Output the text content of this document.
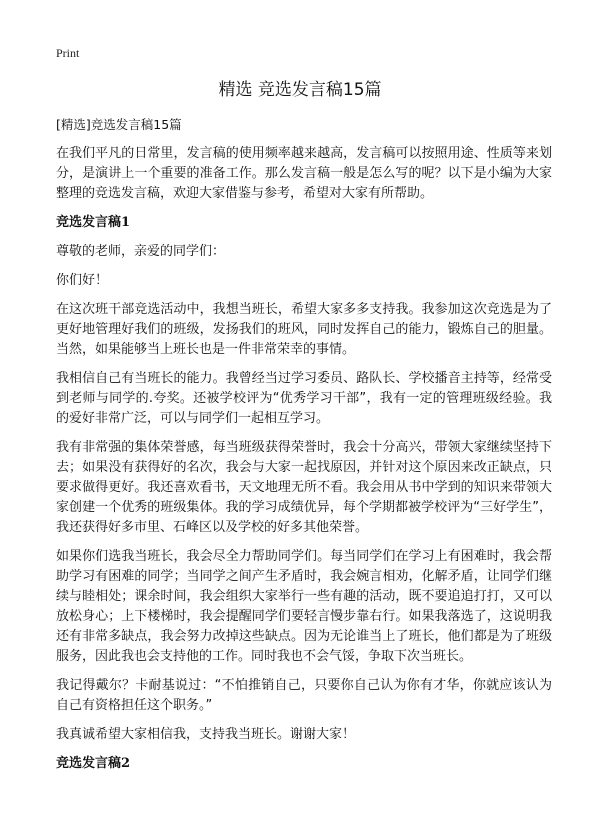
Print
精选 竞选发言稿15篇
[精选]竞选发言稿15篇

在我们平凡的日常里，发言稿的使用频率越来越高，发言稿可以按照用途、性质等来划分，是演讲上一个重要的准备工作。那么发言稿一般是怎么写的呢？以下是小编为大家整理的竞选发言稿，欢迎大家借鉴与参考，希望对大家有所帮助。

竞选发言稿1

尊敬的老师，亲爱的同学们：

你们好！

在这次班干部竞选活动中，我想当班长，希望大家多多支持我。我参加这次竞选是为了更好地管理好我们的班级，发扬我们的班风，同时发挥自己的能力，锻炼自己的胆量。当然，如果能够当上班长也是一件非常荣幸的事情。

我相信自己有当班长的能力。我曾经当过学习委员、路队长、学校播音主持等，经常受到老师与同学的.夸奖。还被学校评为“优秀学习干部”，我有一定的管理班级经验。我的爱好非常广泛，可以与同学们一起相互学习。

我有非常强的集体荣誉感，每当班级获得荣誉时，我会十分高兴，带领大家继续坚持下去；如果没有获得好的名次，我会与大家一起找原因，并针对这个原因来改正缺点，只要求做得更好。我还喜欢看书，天文地理无所不看。我会用从书中学到的知识来带领大家创建一个优秀的班级集体。我的学习成绩优异，每个学期都被学校评为“三好学生”，我还获得好多市里、石峰区以及学校的好多其他荣誉。

如果你们选我当班长，我会尽全力帮助同学们。每当同学们在学习上有困难时，我会帮助学习有困难的同学；当同学之间产生矛盾时，我会婉言相劝，化解矛盾，让同学们继续与睦相处；课余时间，我会组织大家举行一些有趣的活动，既不要追追打打，又可以放松身心；上下楼梯时，我会提醒同学们要轻言慢步靠右行。如果我落选了，这说明我还有非常多缺点，我会努力改掉这些缺点。因为无论谁当上了班长，他们都是为了班级服务，因此我也会支持他的工作。同时我也不会气馁，争取下次当班长。

我记得戴尔？卡耐基说过：“不怕推销自己，只要你自己认为你有才华，你就应该认为自己有资格担任这个职务。”

我真诚希望大家相信我，支持我当班长。谢谢大家！

竞选发言稿2
